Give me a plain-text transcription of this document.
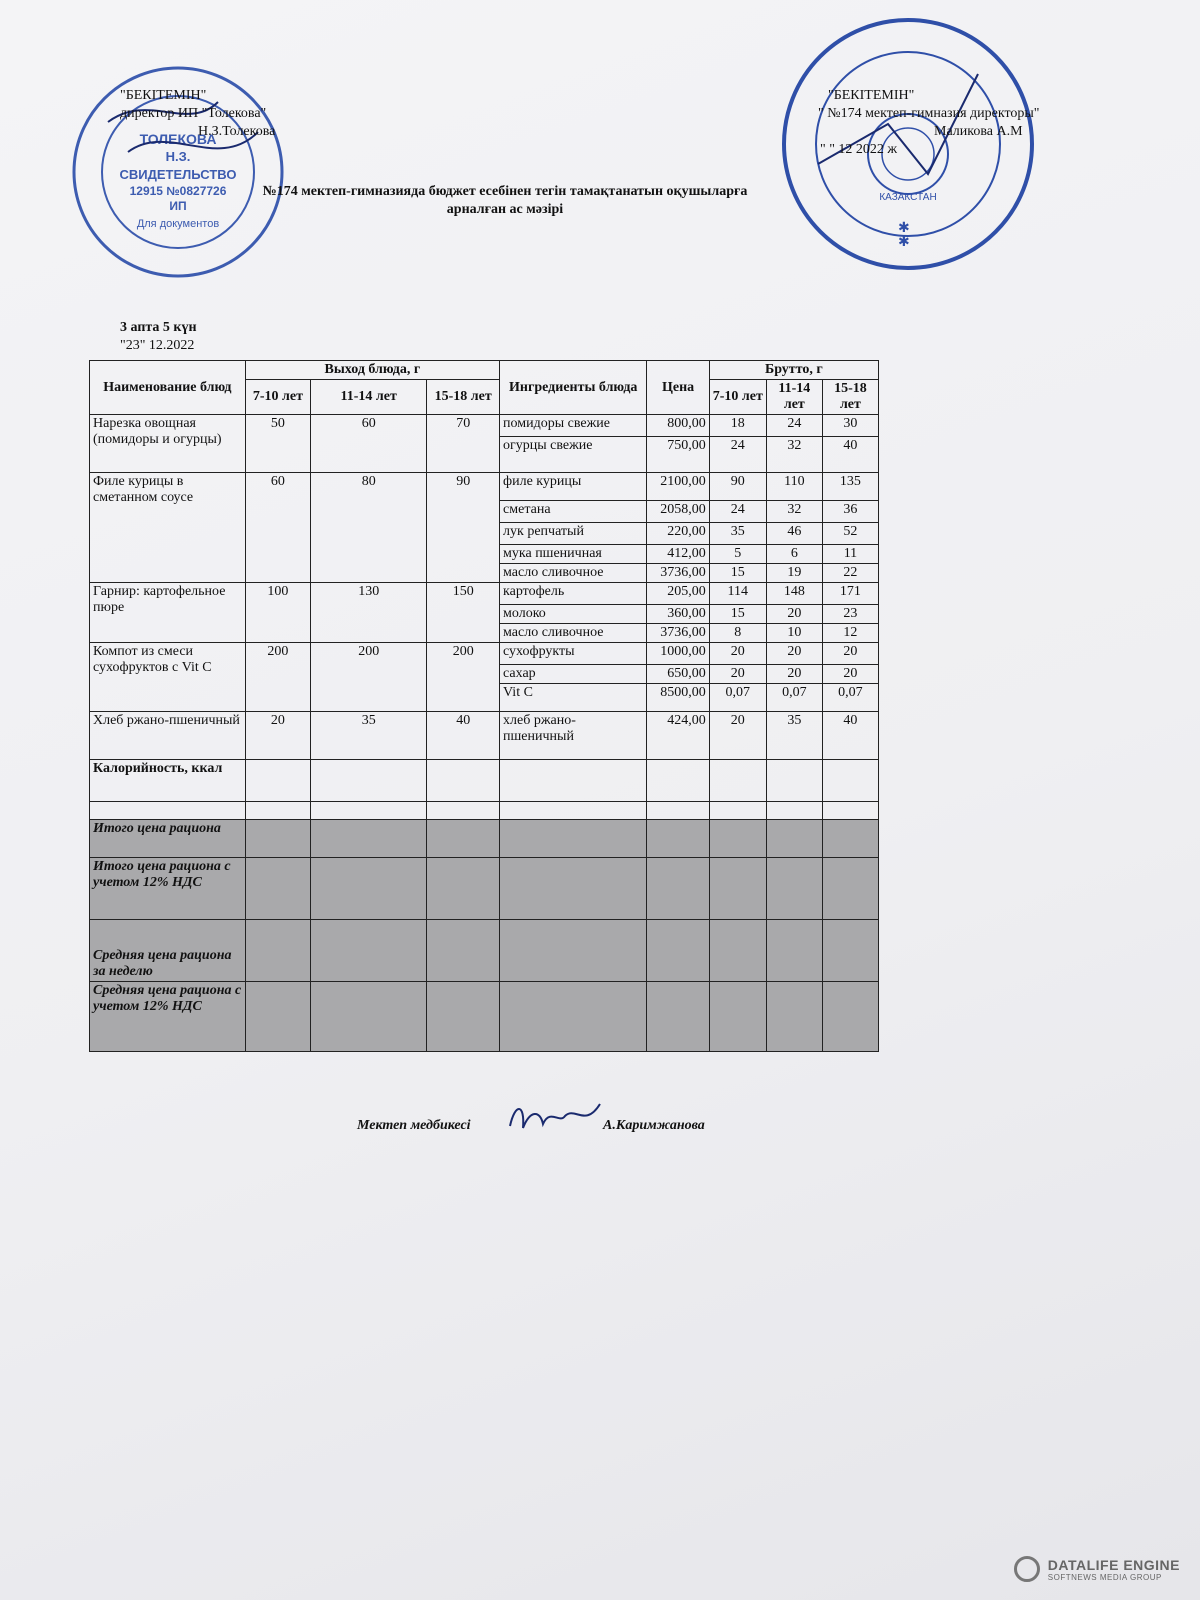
ТОЛЕКОВА
Н.З.
СВИДЕТЕЛЬСТВО
12915 №0827726
ИП
Для документов
КАЗАКСТАН
✱
✱
"БЕКІТЕМІН"
директор ИП "Толекова"
Н.З.Толекова
"БЕКІТЕМІН"
" №174 мектеп-гимназия директоры"
Маликова А.М
" " 12 2022 ж
№174 мектеп-гимназияда бюджет есебінен тегін тамақтанатын оқушыларға
арналған ас мәзірі
3 апта 5 күн
"23" 12.2022
Наименование блюд	Выход блюда, г			Ингредиенты блюда	Цена	Брутто, г		
	7-10 лет	11-14 лет	15-18 лет			7-10 лет	11-14 лет	15-18 лет
Нарезка овощная (помидоры и огурцы)	50	60	70	помидоры свежие	800,00	18	24	30
				огурцы свежие	750,00	24	32	40
Филе курицы в сметанном соусе	60	80	90	филе курицы	2100,00	90	110	135
				сметана	2058,00	24	32	36
				лук репчатый	220,00	35	46	52
				мука пшеничная	412,00	5	6	11
				масло сливочное	3736,00	15	19	22
Гарнир: картофельное пюре	100	130	150	картофель	205,00	114	148	171
				молоко	360,00	15	20	23
				масло сливочное	3736,00	8	10	12
Компот из смеси сухофруктов с Vit C	200	200	200	сухофрукты	1000,00	20	20	20
				сахар	650,00	20	20	20
				Vit C	8500,00	0,07	0,07	0,07
Хлеб ржано-пшеничный	20	35	40	хлеб ржано-пшеничный	424,00	20	35	40
Калорийность, ккал								

Итого цена рациона								
Итого цена рациона с учетом 12% НДС								
Средняя цена рациона за неделю								
Средняя цена рациона с учетом 12% НДС								
Мектеп медбикесі	А.Каримжанова
DATALIFE ENGINE
SOFTNEWS MEDIA GROUP
